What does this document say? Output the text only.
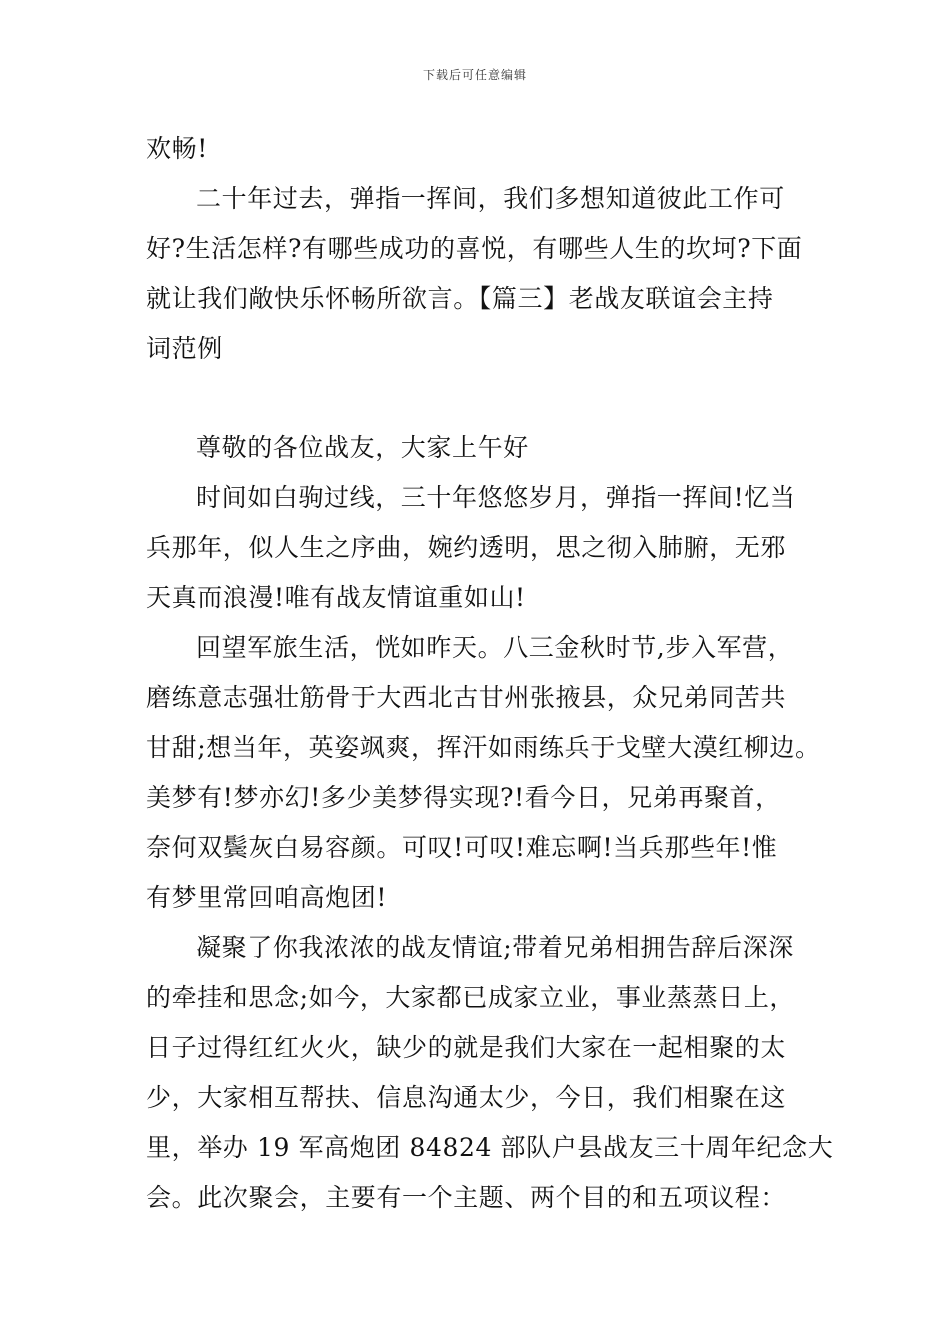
下载后可任意编辑
欢畅!
二十年过去，弹指一挥间，我们多想知道彼此工作可
好?生活怎样?有哪些成功的喜悦，有哪些人生的坎坷?下面
就让我们敞快乐怀畅所欲言。【篇三】老战友联谊会主持
词范例
尊敬的各位战友，大家上午好
时间如白驹过线，三十年悠悠岁月，弹指一挥间!忆当
兵那年，似人生之序曲，婉约透明，思之彻入肺腑，无邪
天真而浪漫!唯有战友情谊重如山!
回望军旅生活，恍如昨天。八三金秋时节,步入军营，
磨练意志强壮筋骨于大西北古甘州张掖县，众兄弟同苦共
甘甜;想当年，英姿飒爽，挥汗如雨练兵于戈壁大漠红柳边。
美梦有!梦亦幻!多少美梦得实现?!看今日，兄弟再聚首，
奈何双鬓灰白易容颜。可叹!可叹!难忘啊!当兵那些年!惟
有梦里常回咱高炮团!
凝聚了你我浓浓的战友情谊;带着兄弟相拥告辞后深深
的牵挂和思念;如今，大家都已成家立业，事业蒸蒸日上，
日子过得红红火火，缺少的就是我们大家在一起相聚的太
少，大家相互帮扶、信息沟通太少，今日，我们相聚在这
里，举办 19 军高炮团 84824 部队户县战友三十周年纪念大
会。此次聚会，主要有一个主题、两个目的和五项议程：
